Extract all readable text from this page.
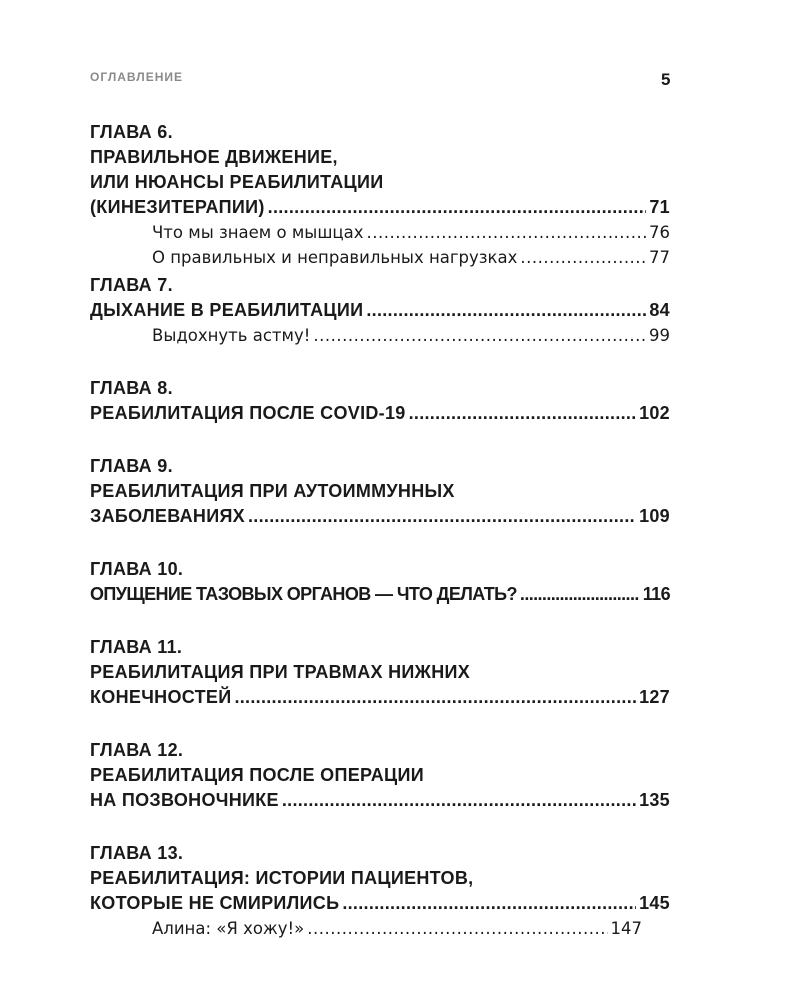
ОГЛАВЛЕНИЕ	5
ГЛАВА 6.
ПРАВИЛЬНОЕ ДВИЖЕНИЕ,
ИЛИ НЮАНСЫ РЕАБИЛИТАЦИИ
(КИНЕЗИТЕРАПИИ) .....	71
Что мы знаем о мышцах .....	76
О правильных и неправильных нагрузках .....	77
ГЛАВА 7.
ДЫХАНИЕ В РЕАБИЛИТАЦИИ .....	84
Выдохнуть астму! .....	99
ГЛАВА 8.
РЕАБИЛИТАЦИЯ ПОСЛЕ COVID-19 .....	102
ГЛАВА 9.
РЕАБИЛИТАЦИЯ ПРИ АУТОИММУННЫХ
ЗАБОЛЕВАНИЯХ .....	109
ГЛАВА 10.
ОПУЩЕНИЕ ТАЗОВЫХ ОРГАНОВ — ЧТО ДЕЛАТЬ? .....	116
ГЛАВА 11.
РЕАБИЛИТАЦИЯ ПРИ ТРАВМАХ НИЖНИХ
КОНЕЧНОСТЕЙ .....	127
ГЛАВА 12.
РЕАБИЛИТАЦИЯ ПОСЛЕ ОПЕРАЦИИ
НА ПОЗВОНОЧНИКЕ .....	135
ГЛАВА 13.
РЕАБИЛИТАЦИЯ: ИСТОРИИ ПАЦИЕНТОВ,
КОТОРЫЕ НЕ СМИРИЛИСЬ .....	145
Алина: «Я хожу!» .....	147
